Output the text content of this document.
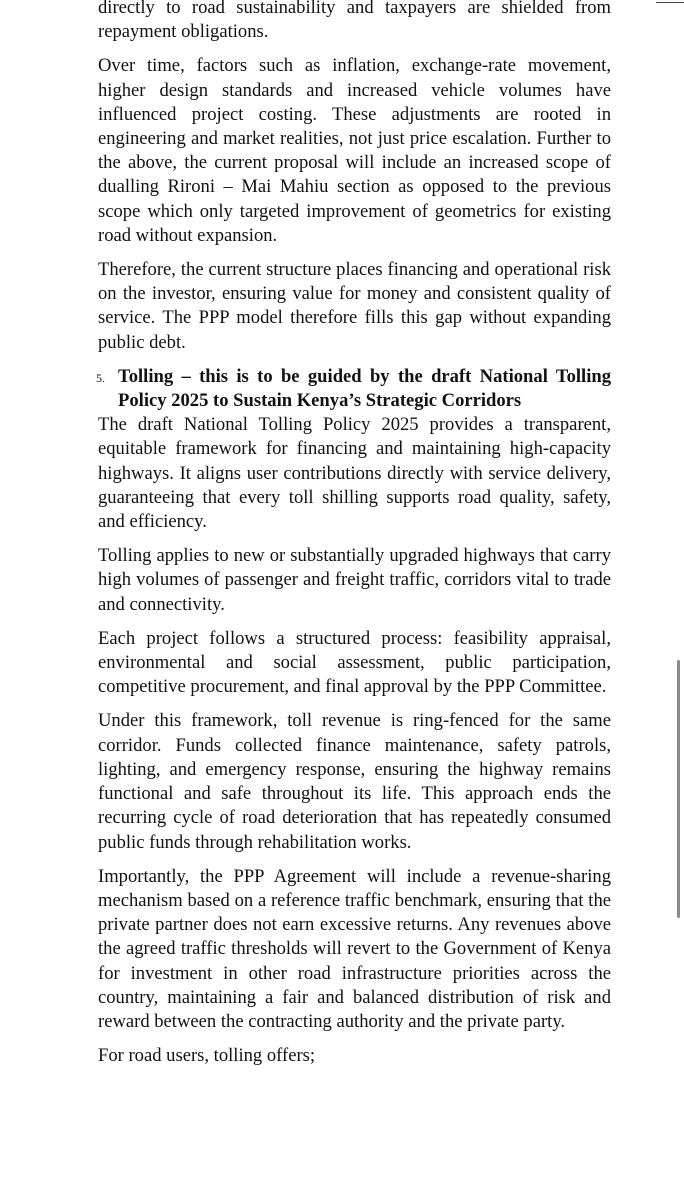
directly to road sustainability and taxpayers are shielded from repayment obligations.

Over time, factors such as inflation, exchange-rate movement, higher design standards and increased vehicle volumes have influenced project costing. These adjustments are rooted in engineering and market realities, not just price escalation. Further to the above, the current proposal will include an increased scope of dualling Rironi – Mai Mahiu section as opposed to the previous scope which only targeted improvement of geometrics for existing road without expansion.

Therefore, the current structure places financing and operational risk on the investor, ensuring value for money and consistent quality of service. The PPP model therefore fills this gap without expanding public debt.

5. Tolling – this is to be guided by the draft National Tolling Policy 2025 to Sustain Kenya’s Strategic Corridors

The draft National Tolling Policy 2025 provides a transparent, equitable framework for financing and maintaining high-capacity highways. It aligns user contributions directly with service delivery, guaranteeing that every toll shilling supports road quality, safety, and efficiency.

Tolling applies to new or substantially upgraded highways that carry high volumes of passenger and freight traffic, corridors vital to trade and connectivity.

Each project follows a structured process: feasibility appraisal, environmental and social assessment, public participation, competitive procurement, and final approval by the PPP Committee.

Under this framework, toll revenue is ring-fenced for the same corridor. Funds collected finance maintenance, safety patrols, lighting, and emergency response, ensuring the highway remains functional and safe throughout its life. This approach ends the recurring cycle of road deterioration that has repeatedly consumed public funds through rehabilitation works.

Importantly, the PPP Agreement will include a revenue-sharing mechanism based on a reference traffic benchmark, ensuring that the private partner does not earn excessive returns. Any revenues above the agreed traffic thresholds will revert to the Government of Kenya for investment in other road infrastructure priorities across the country, maintaining a fair and balanced distribution of risk and reward between the contracting authority and the private party.

For road users, tolling offers;
